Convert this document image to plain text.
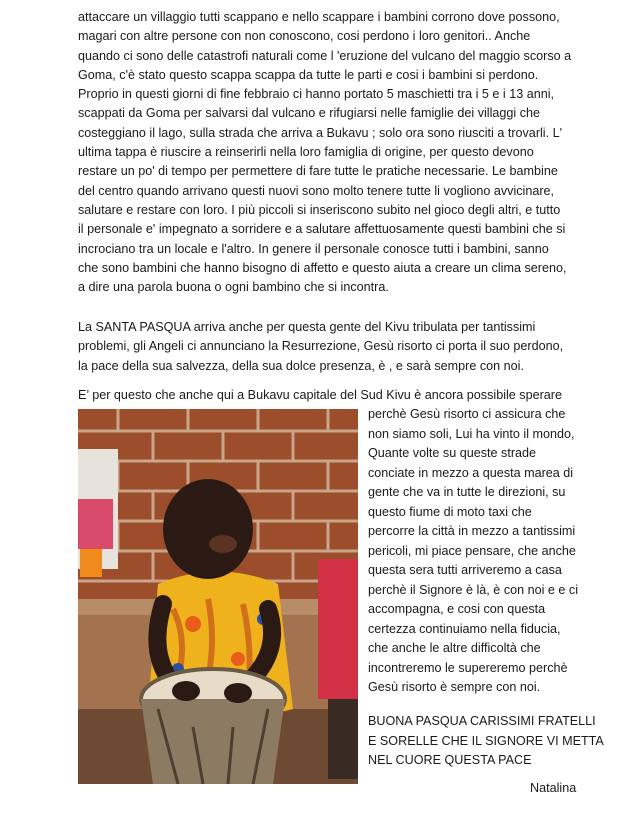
attaccare un villaggio tutti scappano e nello scappare i bambini corrono dove possono,
magari con altre persone con non conoscono, cosi perdono i loro genitori.. Anche
quando ci sono delle catastrofi naturali come l 'eruzione del vulcano del maggio scorso a
Goma, c'è stato questo scappa scappa da tutte le parti e cosi i bambini si perdono.
Proprio in questi giorni di fine febbraio ci hanno portato 5 maschietti tra i 5 e i 13 anni,
scappati da Goma per salvarsi dal vulcano e rifugiarsi nelle famiglie dei villaggi che
costeggiano il lago, sulla strada che arriva a Bukavu ; solo ora sono riusciti a trovarli. L'
ultima tappa è riuscire a reinserirli nella loro famiglia di origine, per questo devono
restare un po' di tempo per permettere di fare tutte le pratiche necessarie. Le bambine
del centro quando arrivano questi nuovi sono molto tenere tutte li vogliono avvicinare,
salutare e restare con loro. I più piccoli si inseriscono subito nel gioco degli altri, e tutto
il personale e' impegnato a sorridere e a salutare affettuosamente questi bambini che si
incrociano tra un locale e l'altro. In genere il personale conosce tutti i bambini, sanno
che sono bambini che hanno bisogno di affetto e questo aiuta a creare un clima sereno,
a dire una parola buona o ogni bambino che si incontra.

La SANTA PASQUA arriva anche per questa gente del Kivu tribulata per tantissimi
problemi, gli Angeli ci annunciano la Resurrezione, Gesù risorto ci porta il suo perdono,
la pace della sua salvezza, della sua dolce presenza, è , e sarà sempre con noi.

E’ per questo che anche qui a Bukavu capitale del Sud Kivu è ancora possibile sperare

perchè Gesù risorto ci assicura che
non siamo soli, Lui ha vinto il mondo,
Quante volte su queste strade
conciate in mezzo a questa marea di
gente che va in tutte le direzioni, su
questo fiume di moto taxi che
percorre la città in mezzo a tantissimi
pericoli, mi piace pensare, che anche
questa sera tutti arriveremo a casa
perchè il Signore è là, è con noi e e ci
accompagna, e cosi con questa
certezza continuiamo nella fiducia,
che anche le altre difficoltà che
incontreremo le supereremo perchè
Gesù risorto è sempre con noi.

BUONA PASQUA CARISSIMI FRATELLI
E SORELLE CHE IL SIGNORE VI METTA
NEL CUORE QUESTA PACE

Natalina
